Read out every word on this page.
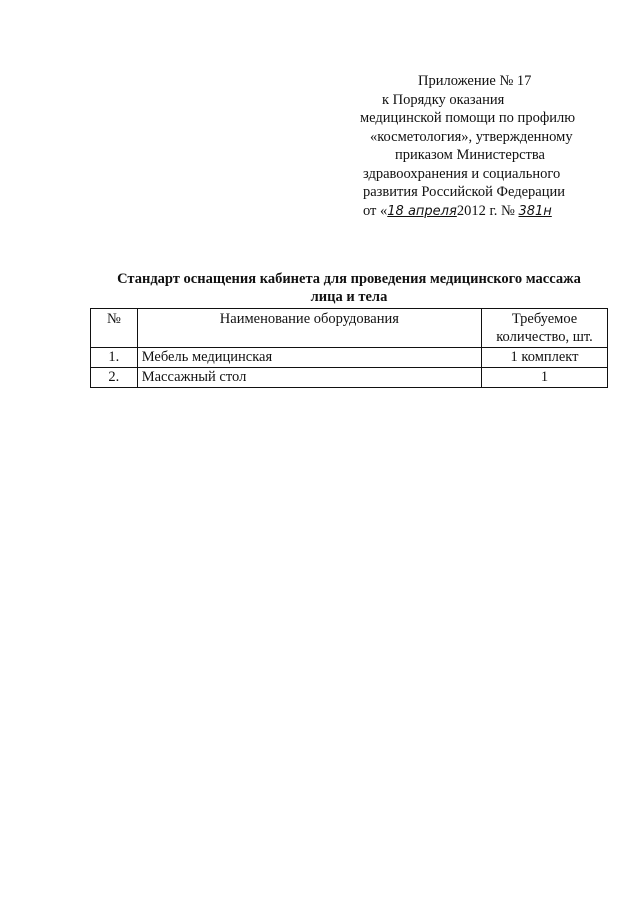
Приложение № 17
к Порядку оказания
медицинской помощи по профилю
«косметология», утвержденному
приказом Министерства
здравоохранения и социального
развития Российской Федерации
от «18 апреля2012 г. № 381н
Стандарт оснащения кабинета для проведения медицинского массажа
лица и тела
№	Наименование оборудования	Требуемое
количество, шт.

1.	Мебель медицинская	1 комплект
2.	Массажный стол	1
